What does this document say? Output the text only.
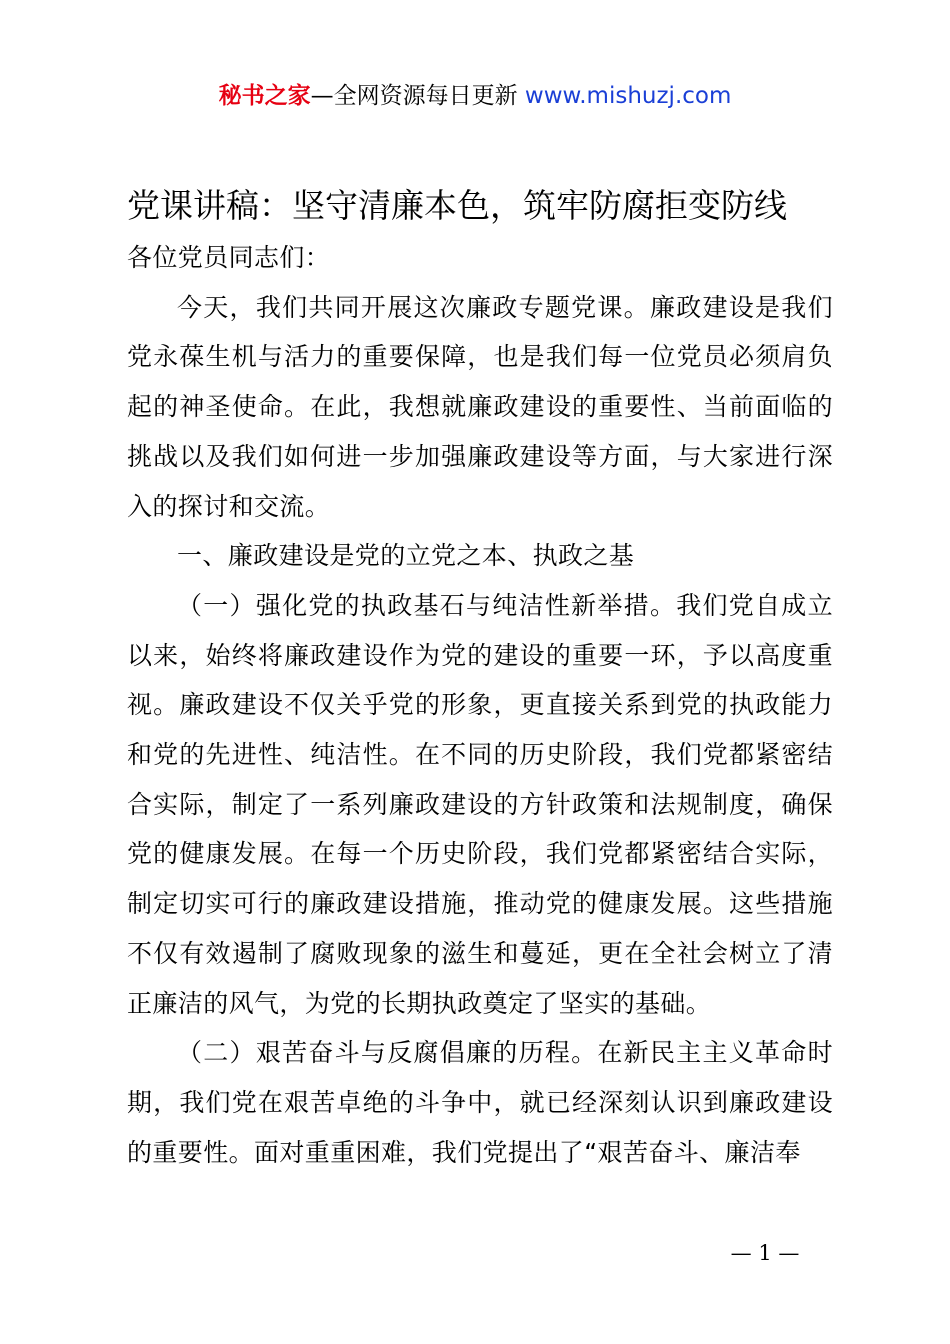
秘书之家—全网资源每日更新 www.mishuzj.com
党课讲稿：坚守清廉本色，筑牢防腐拒变防线

各位党员同志们：

今天，我们共同开展这次廉政专题党课。廉政建设是我们党永葆生机与活力的重要保障，也是我们每一位党员必须肩负起的神圣使命。在此，我想就廉政建设的重要性、当前面临的挑战以及我们如何进一步加强廉政建设等方面，与大家进行深入的探讨和交流。

一、廉政建设是党的立党之本、执政之基

（一）强化党的执政基石与纯洁性新举措。我们党自成立以来，始终将廉政建设作为党的建设的重要一环，予以高度重视。廉政建设不仅关乎党的形象，更直接关系到党的执政能力和党的先进性、纯洁性。在不同的历史阶段，我们党都紧密结合实际，制定了一系列廉政建设的方针政策和法规制度，确保党的健康发展。在每一个历史阶段，我们党都紧密结合实际，制定切实可行的廉政建设措施，推动党的健康发展。这些措施不仅有效遏制了腐败现象的滋生和蔓延，更在全社会树立了清正廉洁的风气，为党的长期执政奠定了坚实的基础。

（二）艰苦奋斗与反腐倡廉的历程。在新民主主义革命时期，我们党在艰苦卓绝的斗争中，就已经深刻认识到廉政建设的重要性。面对重重困难，我们党提出了“艰苦奋斗、廉洁奉

— 1 —
